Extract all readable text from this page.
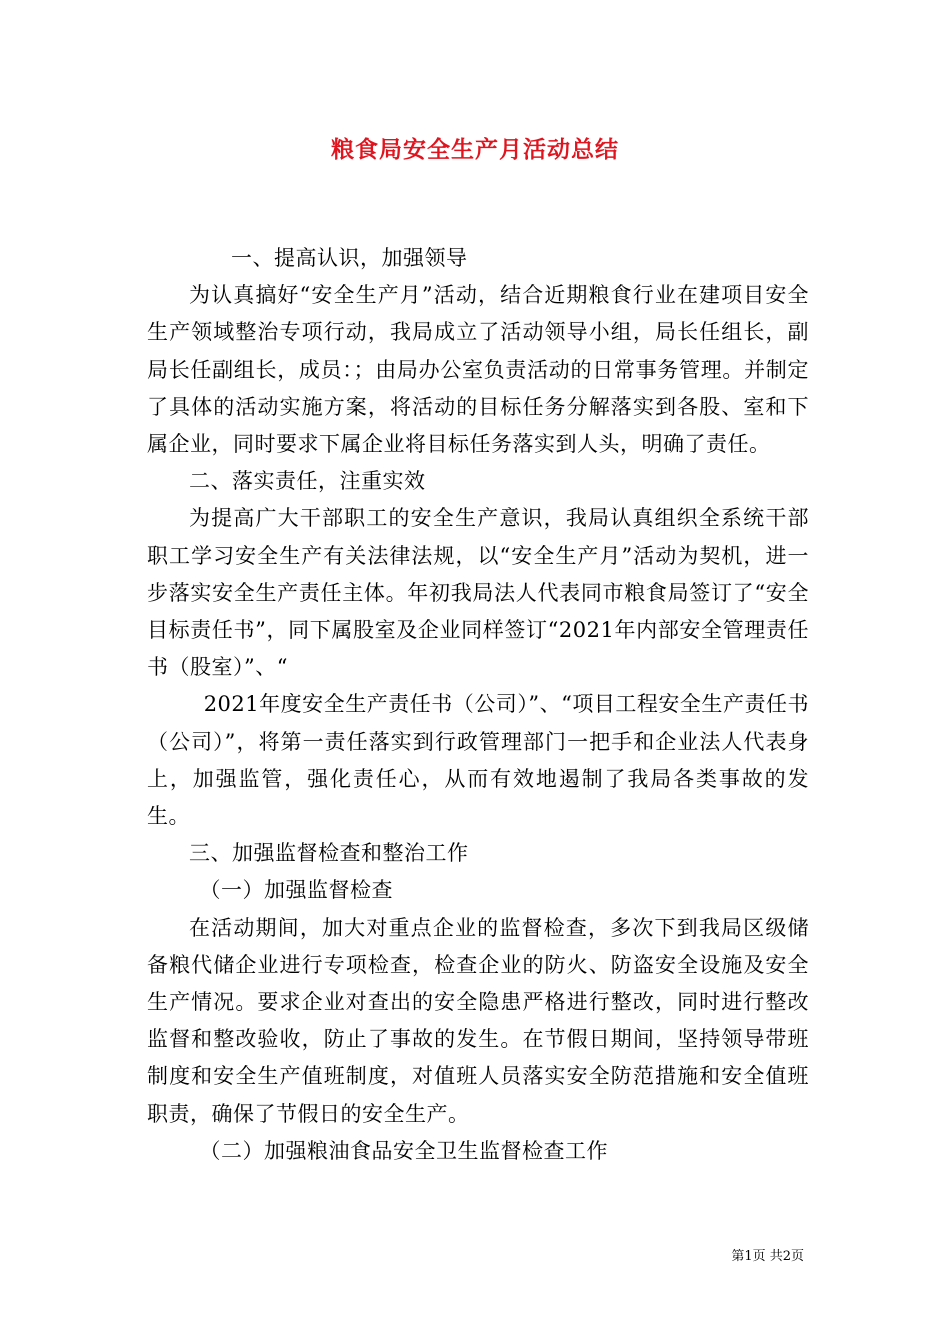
粮食局安全生产月活动总结

一、提高认识，加强领导

为认真搞好“安全生产月”活动，结合近期粮食行业在建项目安全生产领域整治专项行动，我局成立了活动领导小组，局长任组长，副局长任副组长，成员：；由局办公室负责活动的日常事务管理。并制定了具体的活动实施方案，将活动的目标任务分解落实到各股、室和下属企业，同时要求下属企业将目标任务落实到人头，明确了责任。

二、落实责任，注重实效

为提高广大干部职工的安全生产意识，我局认真组织全系统干部职工学习安全生产有关法律法规，以“安全生产月”活动为契机，进一步落实安全生产责任主体。年初我局法人代表同市粮食局签订了“安全目标责任书”，同下属股室及企业同样签订“2021年内部安全管理责任书（股室）”、“

2021年度安全生产责任书（公司）”、“项目工程安全生产责任书（公司）”，将第一责任落实到行政管理部门一把手和企业法人代表身上，加强监管，强化责任心，从而有效地遏制了我局各类事故的发生。

三、加强监督检查和整治工作

（一）加强监督检查

在活动期间，加大对重点企业的监督检查，多次下到我局区级储备粮代储企业进行专项检查，检查企业的防火、防盗安全设施及安全生产情况。要求企业对查出的安全隐患严格进行整改，同时进行整改监督和整改验收，防止了事故的发生。在节假日期间，坚持领导带班制度和安全生产值班制度，对值班人员落实安全防范措施和安全值班职责，确保了节假日的安全生产。

（二）加强粮油食品安全卫生监督检查工作

第1页 共2页
